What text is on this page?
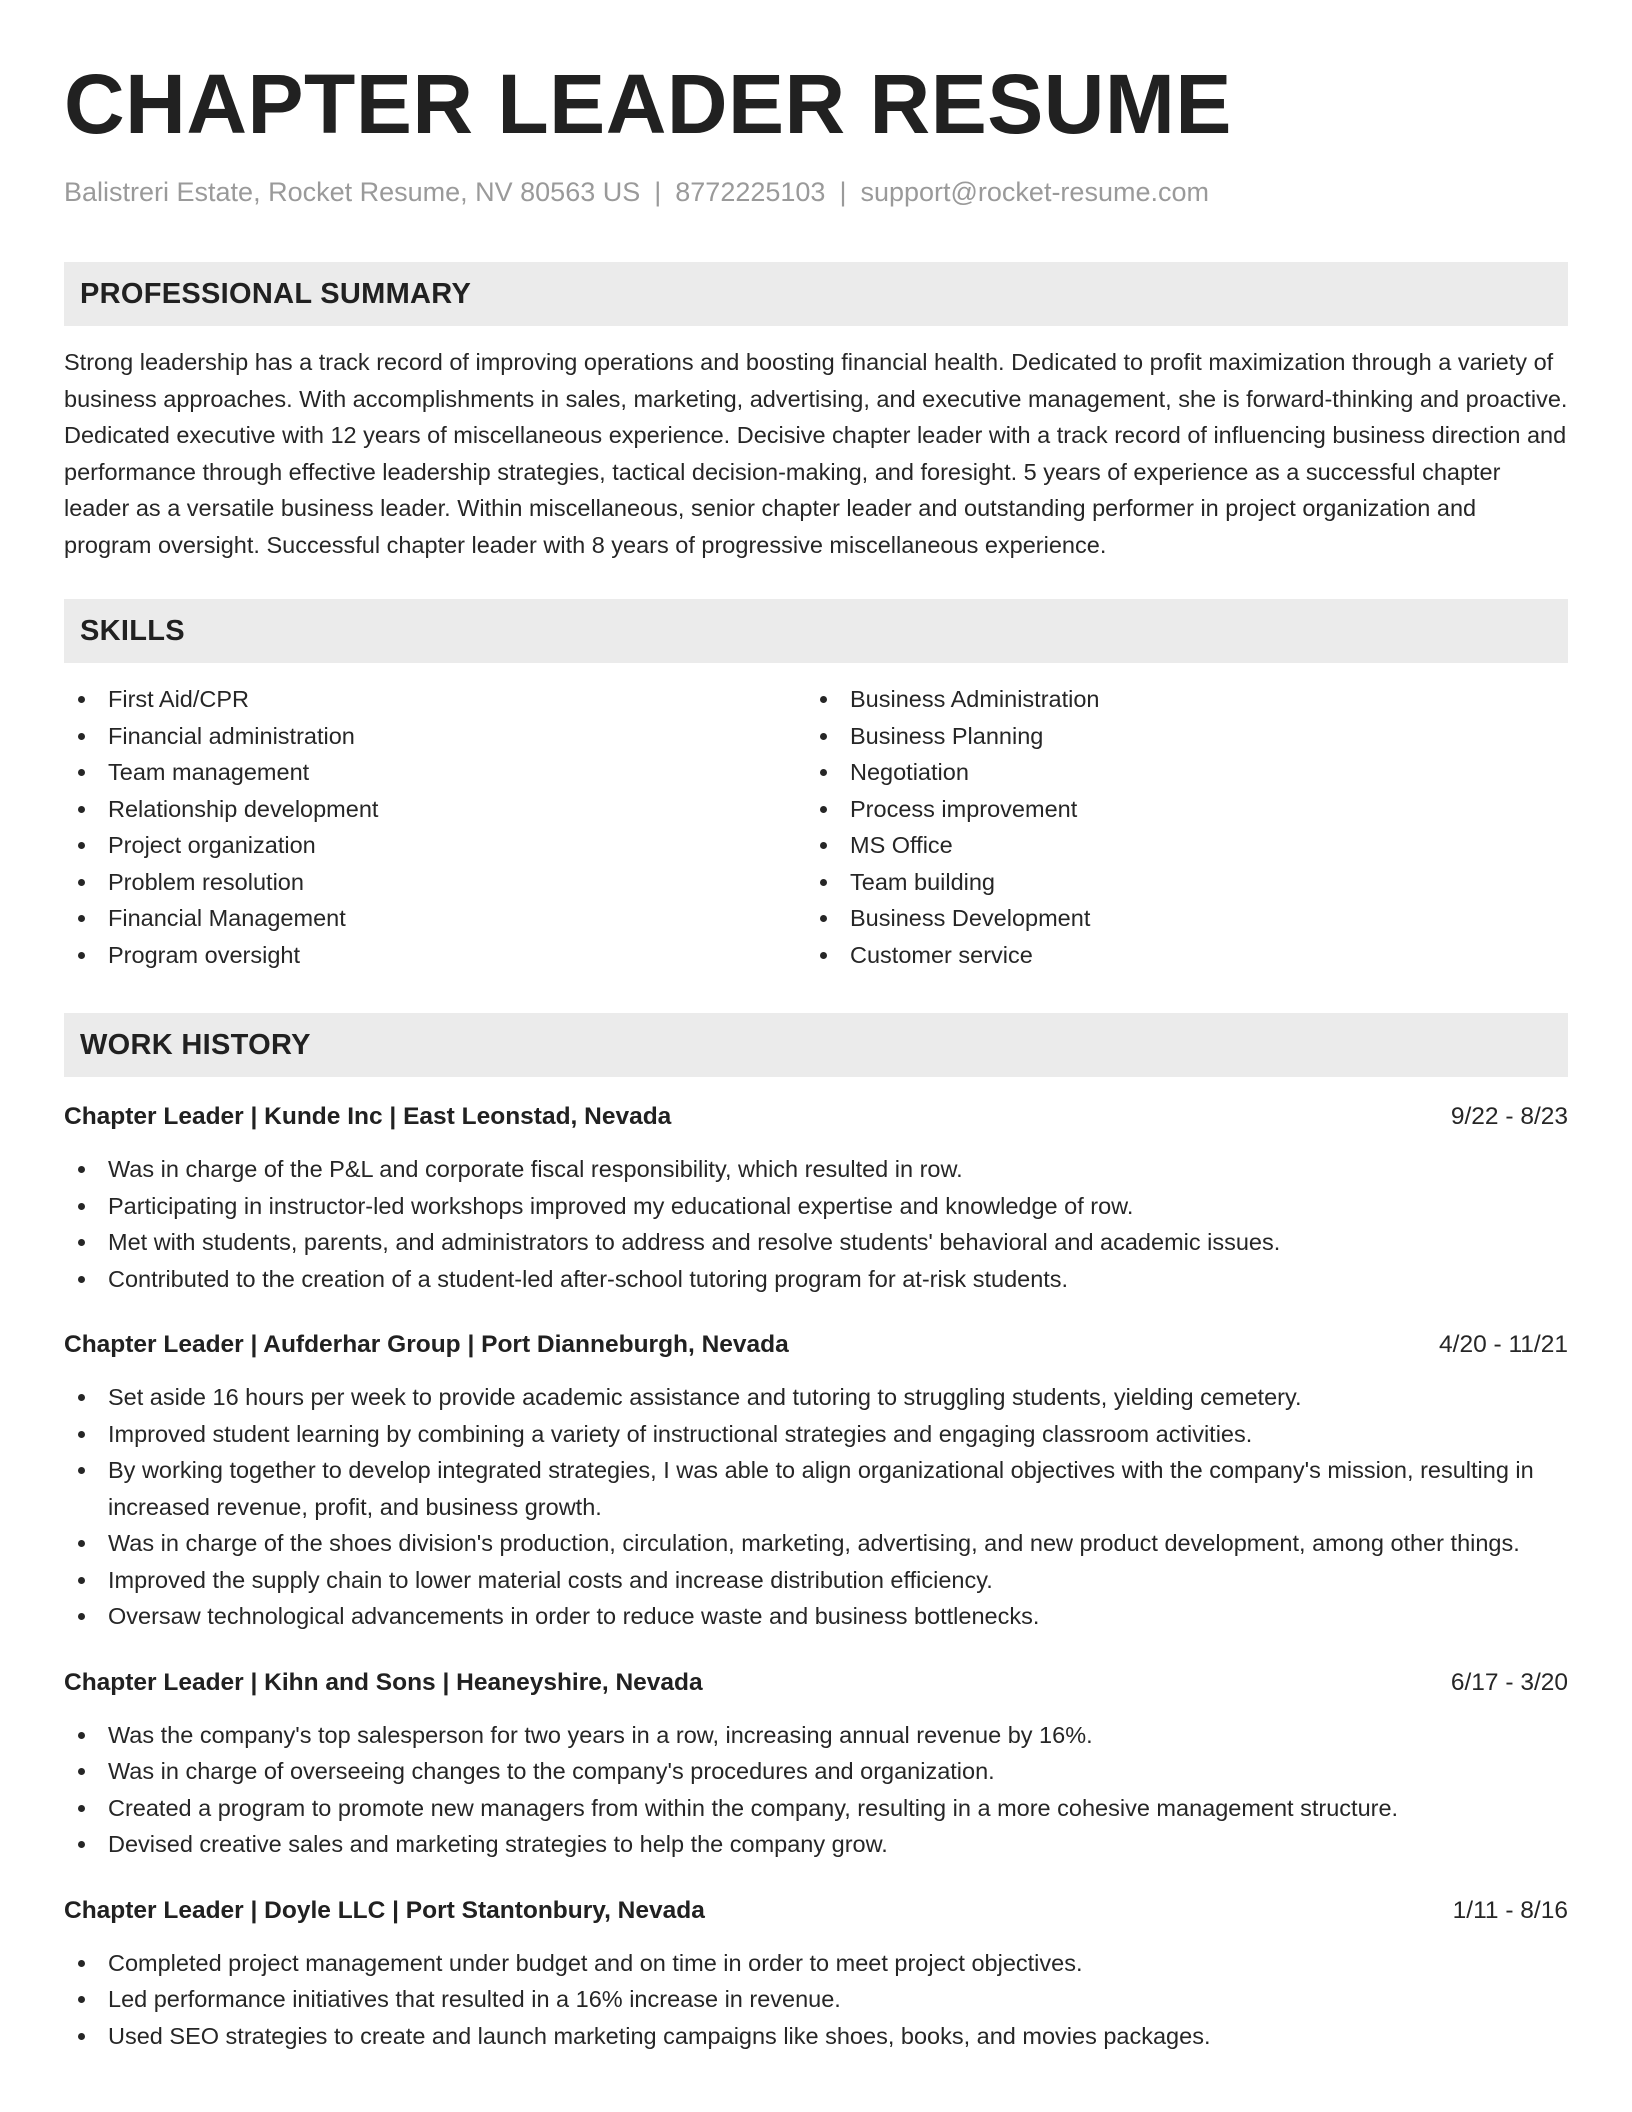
CHAPTER LEADER RESUME
Balistreri Estate, Rocket Resume, NV 80563 US | 8772225103 | support@rocket-resume.com
PROFESSIONAL SUMMARY
Strong leadership has a track record of improving operations and boosting financial health. Dedicated to profit maximization through a variety of business approaches. With accomplishments in sales, marketing, advertising, and executive management, she is forward-thinking and proactive. Dedicated executive with 12 years of miscellaneous experience. Decisive chapter leader with a track record of influencing business direction and performance through effective leadership strategies, tactical decision-making, and foresight. 5 years of experience as a successful chapter leader as a versatile business leader. Within miscellaneous, senior chapter leader and outstanding performer in project organization and program oversight. Successful chapter leader with 8 years of progressive miscellaneous experience.
SKILLS
First Aid/CPR
Financial administration
Team management
Relationship development
Project organization
Problem resolution
Financial Management
Program oversight
Business Administration
Business Planning
Negotiation
Process improvement
MS Office
Team building
Business Development
Customer service
WORK HISTORY
Chapter Leader | Kunde Inc | East Leonstad, Nevada	9/22 - 8/23
Was in charge of the P&L and corporate fiscal responsibility, which resulted in row.
Participating in instructor-led workshops improved my educational expertise and knowledge of row.
Met with students, parents, and administrators to address and resolve students' behavioral and academic issues.
Contributed to the creation of a student-led after-school tutoring program for at-risk students.
Chapter Leader | Aufderhar Group | Port Dianneburgh, Nevada	4/20 - 11/21
Set aside 16 hours per week to provide academic assistance and tutoring to struggling students, yielding cemetery.
Improved student learning by combining a variety of instructional strategies and engaging classroom activities.
By working together to develop integrated strategies, I was able to align organizational objectives with the company's mission, resulting in increased revenue, profit, and business growth.
Was in charge of the shoes division's production, circulation, marketing, advertising, and new product development, among other things.
Improved the supply chain to lower material costs and increase distribution efficiency.
Oversaw technological advancements in order to reduce waste and business bottlenecks.
Chapter Leader | Kihn and Sons | Heaneyshire, Nevada	6/17 - 3/20
Was the company's top salesperson for two years in a row, increasing annual revenue by 16%.
Was in charge of overseeing changes to the company's procedures and organization.
Created a program to promote new managers from within the company, resulting in a more cohesive management structure.
Devised creative sales and marketing strategies to help the company grow.
Chapter Leader | Doyle LLC | Port Stantonbury, Nevada	1/11 - 8/16
Completed project management under budget and on time in order to meet project objectives.
Led performance initiatives that resulted in a 16% increase in revenue.
Used SEO strategies to create and launch marketing campaigns like shoes, books, and movies packages.
